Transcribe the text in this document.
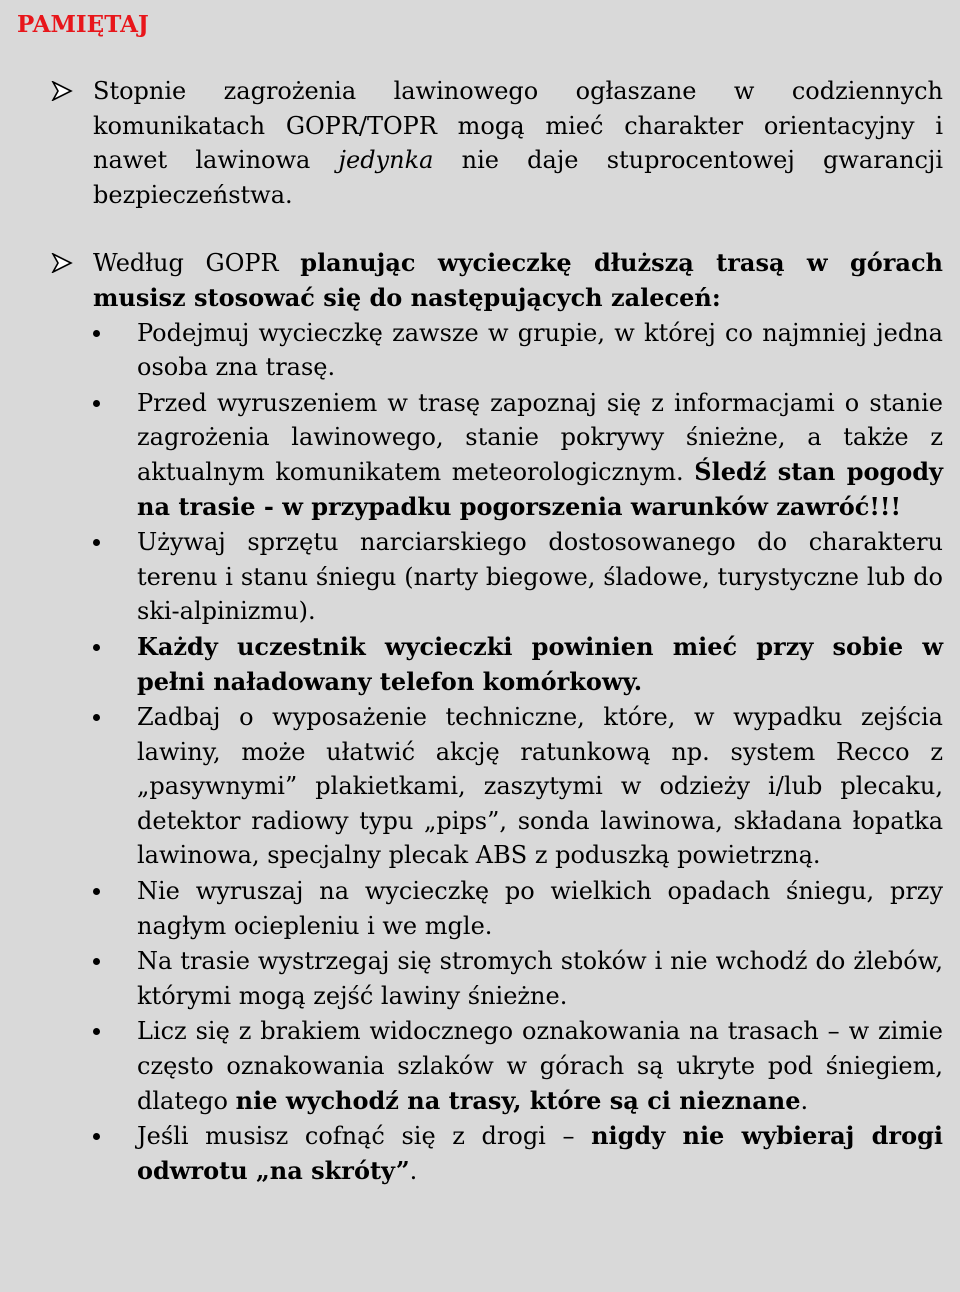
PAMIĘTAJ

Stopnie zagrożenia lawinowego ogłaszane w codziennych komunikatach GOPR/TOPR mogą mieć charakter orientacyjny i nawet lawinowa jedynka nie daje stuprocentowej gwarancji bezpieczeństwa.

Według GOPR planując wycieczkę dłuższą trasą w górach musisz stosować się do następujących zaleceń:

Podejmuj wycieczkę zawsze w grupie, w której co najmniej jedna osoba zna trasę.
Przed wyruszeniem w trasę zapoznaj się z informacjami o stanie zagrożenia lawinowego, stanie pokrywy śnieżne, a także z aktualnym komunikatem meteorologicznym. Śledź stan pogody na trasie - w przypadku pogorszenia warunków zawróć!!!
Używaj sprzętu narciarskiego dostosowanego do charakteru terenu i stanu śniegu (narty biegowe, śladowe, turystyczne lub do ski-alpinizmu).
Każdy uczestnik wycieczki powinien mieć przy sobie w pełni naładowany telefon komórkowy.
Zadbaj o wyposażenie techniczne, które, w wypadku zejścia lawiny, może ułatwić akcję ratunkową np. system Recco z „pasywnymi” plakietkami, zaszytymi w odzieży i/lub plecaku, detektor radiowy typu „pips”, sonda lawinowa, składana łopatka lawinowa, specjalny plecak ABS z poduszką powietrzną.
Nie wyruszaj na wycieczkę po wielkich opadach śniegu, przy nagłym ociepleniu i we mgle.
Na trasie wystrzegaj się stromych stoków i nie wchodź do żlebów, którymi mogą zejść lawiny śnieżne.
Licz się z brakiem widocznego oznakowania na trasach – w zimie często oznakowania szlaków w górach są ukryte pod śniegiem, dlatego nie wychodź na trasy, które są ci nieznane.
Jeśli musisz cofnąć się z drogi – nigdy nie wybieraj drogi odwrotu „na skróty”.
